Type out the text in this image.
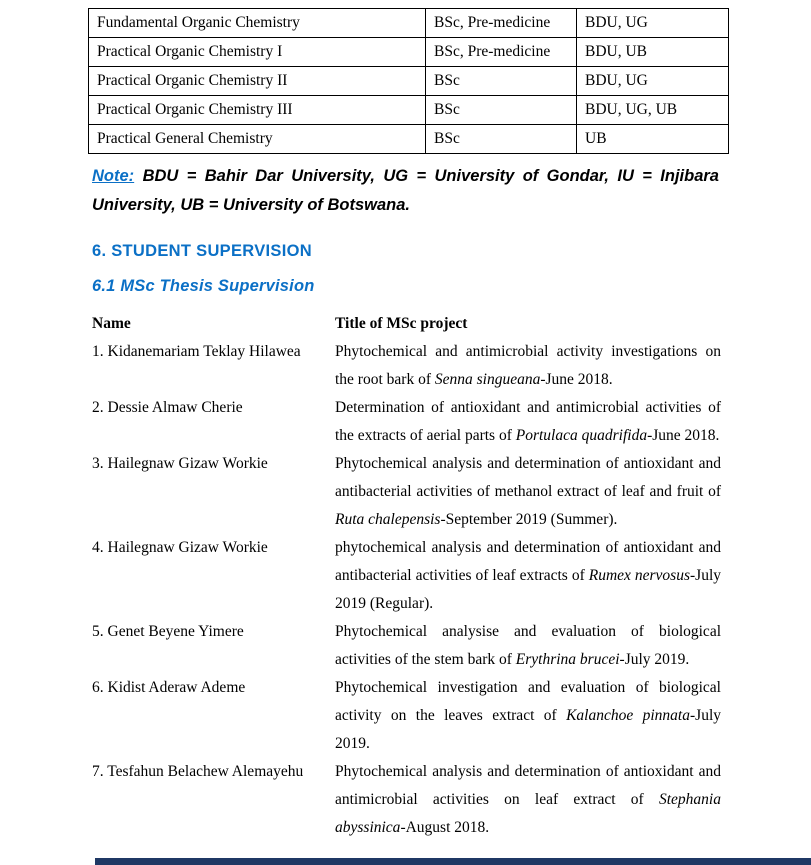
Fundamental Organic Chemistry	BSc, Pre-medicine	BDU, UG
Practical Organic Chemistry I	BSc, Pre-medicine	BDU, UB
Practical Organic Chemistry II	BSc	BDU, UG
Practical Organic Chemistry III	BSc	BDU, UG, UB
Practical General Chemistry	BSc	UB

Note: BDU = Bahir Dar University, UG = University of Gondar, IU = Injibara University, UB = University of Botswana.

6. STUDENT SUPERVISION
6.1 MSc Thesis Supervision
Name	Title of MSc project
1. Kidanemariam Teklay Hilawea	Phytochemical and antimicrobial activity investigations on the root bark of Senna singueana-June 2018.
2. Dessie Almaw Cherie	Determination of antioxidant and antimicrobial activities of the extracts of aerial parts of Portulaca quadrifida-June 2018.
3. Hailegnaw Gizaw Workie	Phytochemical analysis and determination of antioxidant and antibacterial activities of methanol extract of leaf and fruit of Ruta chalepensis-September 2019 (Summer).
4. Hailegnaw Gizaw Workie	phytochemical analysis and determination of antioxidant and antibacterial activities of leaf extracts of Rumex nervosus-July 2019 (Regular).
5. Genet Beyene Yimere	Phytochemical analysise and evaluation of biological activities of the stem bark of Erythrina brucei-July 2019.
6. Kidist Aderaw Ademe	Phytochemical investigation and evaluation of biological activity on the leaves extract of Kalanchoe pinnata-July 2019.
7. Tesfahun Belachew Alemayehu	Phytochemical analysis and determination of antioxidant and antimicrobial activities on leaf extract of Stephania abyssinica-August 2018.
